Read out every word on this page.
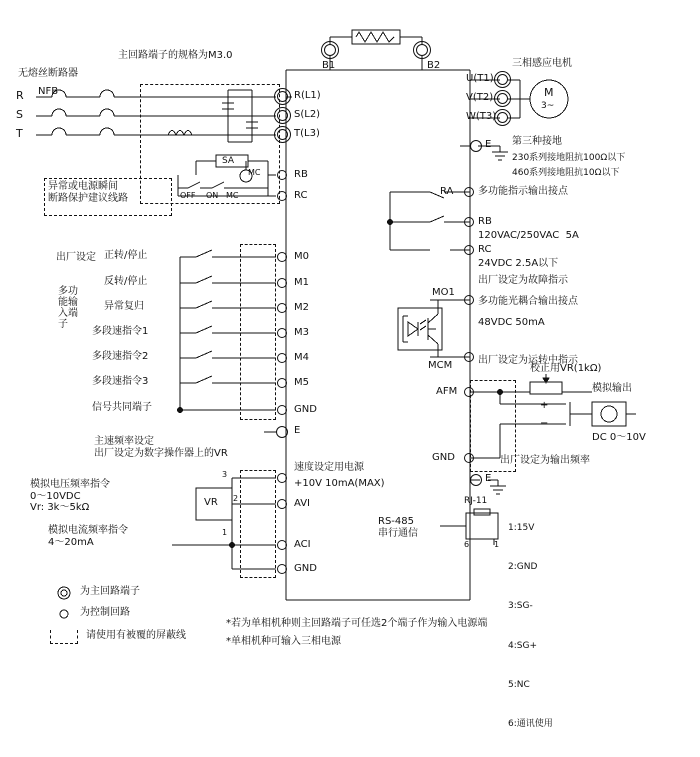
主回路端子的规格为M3.0
无熔丝断路器
NFB
R
S
T
B1	B2
R(L1)
S(L2)
T(L3)
U(T1)
V(T2)
W(T3)
三相感应电机
M
3~
E 第三种接地
230系列接地阻抗100Ω以下
460系列接地阻抗10Ω以下
SA
MC
MC
OFF ON
RB
RC
异常或电源瞬间
断路保护建议线路
RA
RB
RC
多功能指示输出接点
120VAC/250VAC  5A
24VDC 2.5A以下
出厂设定为故障指示
出厂设定 正转/停止
反转/停止
异常复归
多段速指令1
多段速指令2
多段速指令3
信号共同端子
多功
能输
入端
子
M0
M1
M2
M3
M4
M5
GND
E
MO1
MCM
多功能光耦合输出接点
48VDC 50mA
出厂设定为运转中指示
AFM
校正用VR(1kΩ)
模拟输出
DC 0～10V
+
−
GND
E
出厂设定为输出频率
主速频率设定
出厂设定为数字操作器上的VR
速度设定用电源
+10V 10mA(MAX)
VR
3
2
1
AVI
ACI
GND
模拟电压频率指令
0～10VDC
Vr: 3k～5kΩ
模拟电流频率指令
4～20mA
RS-485
串行通信
RJ-11
6	1

1:15V

2:GND

3:SG-

4:SG+

5:NC

6:通讯使用

为主回路端子
为控制回路
请使用有被覆的屏蔽线
*若为单相机种则主回路端子可任选2个端子作为输入电源端
*单相机种可输入三相电源
